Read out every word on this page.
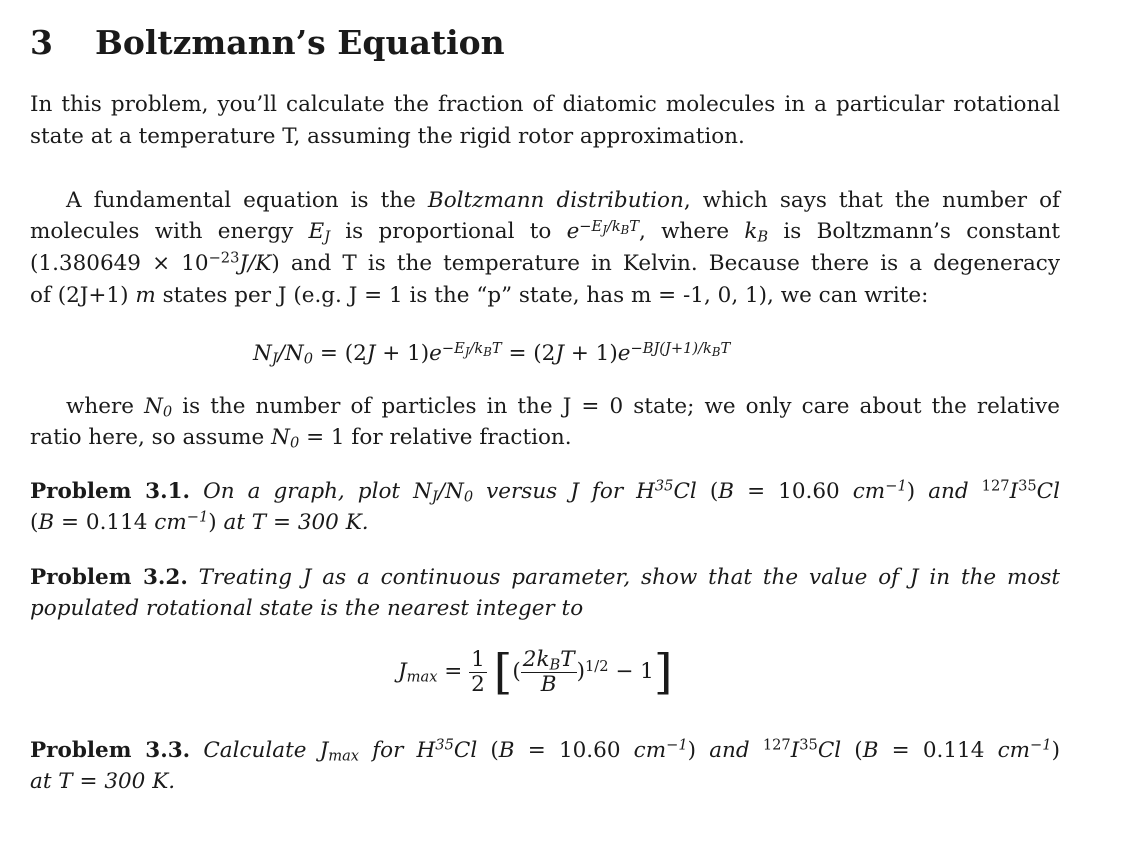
3 Boltzmann’s Equation
In this problem, you’ll calculate the fraction of diatomic molecules in a particular rotational
state at a temperature T, assuming the rigid rotor approximation.
A fundamental equation is the Boltzmann distribution, which says that the number of
molecules with energy $E_J$ is proportional to $e^{-E_J/k_BT}$, where $k_B$ is Boltzmann’s constant
$(1.380649 \times 10^{-23}J/K)$ and T is the temperature in Kelvin. Because there is a degeneracy
of (2J+1) m states per J (e.g. J = 1 is the “p” state, has m = -1, 0, 1), we can write:
$N_J/N_0 = (2J + 1)e^{-E_J/k_BT} = (2J + 1)e^{-BJ(J+1)/k_BT}$
where $N_0$ is the number of particles in the J = 0 state; we only care about the relative
ratio here, so assume $N_0 = 1$ for relative fraction.
Problem 3.1. On a graph, plot $N_J/N_0$ versus J for $H^{35}Cl$ (B = 10.60 $cm^{-1}$) and $^{127}I^{35}Cl$
(B = 0.114 $cm^{-1}$) at T = 300 K.
Problem 3.2. Treating J as a continuous parameter, show that the value of J in the most
populated rotational state is the nearest integer to
$J_{max} = \frac{1}{2}$ [( $\frac{2k_BT}{B} )^{1/2} - 1$]
Problem 3.3. Calculate $J_{max}$ for $H^{35}Cl$ (B = 10.60 $cm^{-1}$) and $^{127}I^{35}Cl$ (B = 0.114 $cm^{-1}$)
at T = 300 K.
